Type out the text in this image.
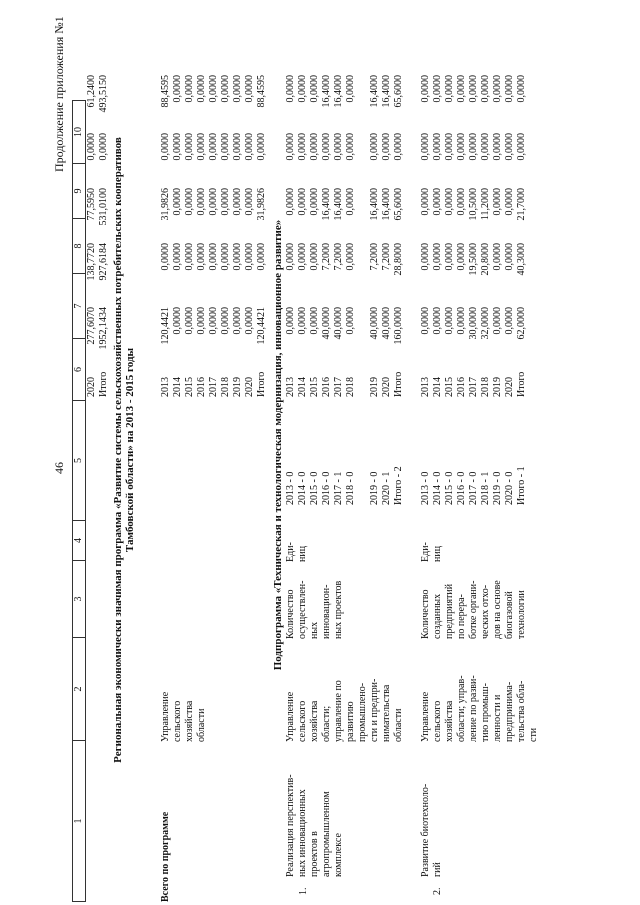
46
Продолжение приложения №1
1
2
3
4
5
6
7
8
9
10
2020
Итого
277,6070
1952,1434
138,7720
927,6184
77,5950
531,0100
0,0000
0,0000
61,2400
493,5150
Региональная экономически значимая программа «Развитие системы сельскохозяйственных потребительских кооперативов
Тамбовской области» на 2013 - 2015 годы
Всего по программе
Управление
сельского
хозяйства
области
2013
2014
2015
2016
2017
2018
2019
2020
Итого
120,4421
0,0000
0,0000
0,0000
0,0000
0,0000
0,0000
0,0000
120,4421
0,0000
0,0000
0,0000
0,0000
0,0000
0,0000
0,0000
0,0000
0,0000
31,9826
0,0000
0,0000
0,0000
0,0000
0,0000
0,0000
0,0000
31,9826
0,0000
0,0000
0,0000
0,0000
0,0000
0,0000
0,0000
0,0000
0,0000
88,4595
0,0000
0,0000
0,0000
0,0000
0,0000
0,0000
0,0000
88,4595
Подпрограмма «Техническая и технологическая модернизация, инновационное развитие»
1.
Реализация перспектив-
ных инновационных
проектов в
агропромышленном
комплексе
Управление
сельского
хозяйства
области;
управление по
развитию
промышлено-
сти и предпри-
нимательства
области
Количество
осуществлен-
ных
инновацион-
ных проектов
Еди-
ниц
2013 - 0
2014 - 0
2015 - 0
2016 - 0
2017 - 1
2018 - 0

2019 - 0
2020 - 1
Итого - 2
2013
2014
2015
2016
2017
2018

2019
2020
Итого
0,0000
0,0000
0,0000
40,0000
40,0000
0,0000

40,0000
40,0000
160,0000
0,0000
0,0000
0,0000
7,2000
7,2000
0,0000

7,2000
7,2000
28,8000
0,0000
0,0000
0,0000
16,4000
16,4000
0,0000

16,4000
16,4000
65,6000
0,0000
0,0000
0,0000
0,0000
0,0000
0,0000

0,0000
0,0000
0,0000
0,0000
0,0000
0,0000
16,4000
16,4000
0,0000

16,4000
16,4000
65,6000
2.
Развитие биотехноло-
гий
Управление
сельского
хозяйства
области; управ-
ление по разви-
тию промыш-
ленности и
предпринима-
тельства обла-
сти
Количество
созданных
предприятий
по перера-
ботке органи-
ческих отхо-
дов на основе
биогазовой
технологии
Еди-
ниц
2013 - 0
2014 - 0
2015 - 0
2016 - 0
2017 - 0
2018 - 1
2019 - 0
2020 - 0
Итого - 1
2013
2014
2015
2016
2017
2018
2019
2020
Итого
0,0000
0,0000
0,0000
0,0000
30,0000
32,0000
0,0000
0,0000
62,0000
0,0000
0,0000
0,0000
0,0000
19,5000
20,8000
0,0000
0,0000
40,3000
0,0000
0,0000
0,0000
0,0000
10,5000
11,2000
0,0000
0,0000
21,7000
0,0000
0,0000
0,0000
0,0000
0,0000
0,0000
0,0000
0,0000
0,0000
0,0000
0,0000
0,0000
0,0000
0,0000
0,0000
0,0000
0,0000
0,0000
